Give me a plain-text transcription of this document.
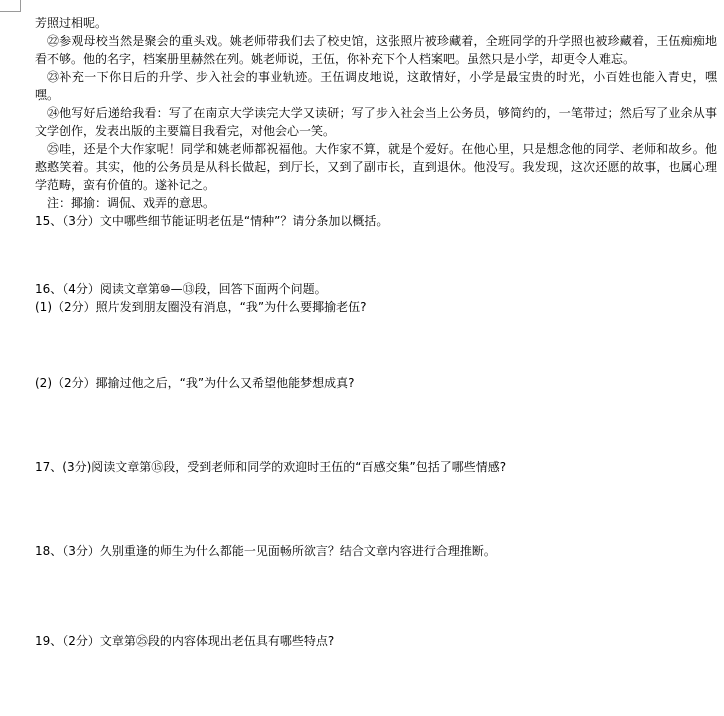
芳照过相呢。

㉒参观母校当然是聚会的重头戏。姚老师带我们去了校史馆，这张照片被珍藏着，全班同学的升学照也被珍藏着，王伍痴痴地看不够。他的名字，档案册里赫然在列。姚老师说，王伍，你补充下个人档案吧。虽然只是小学，却更令人难忘。

㉓补充一下你日后的升学、步入社会的事业轨迹。王伍调皮地说，这敢情好，小学是最宝贵的时光，小百姓也能入青史，嘿嘿。

㉔他写好后递给我看：写了在南京大学读完大学又读研；写了步入社会当上公务员，够简约的，一笔带过；然后写了业余从事文学创作，发表出版的主要篇目我看完，对他会心一笑。

㉕哇，还是个大作家呢！同学和姚老师都祝福他。大作家不算，就是个爱好。在他心里，只是想念他的同学、老师和故乡。他憨憨笑着。其实，他的公务员是从科长做起，到厅长，又到了副市长，直到退休。他没写。我发现，这次还愿的故事，也属心理学范畴，蛮有价值的。遂补记之。

注：揶揄：调侃、戏弄的意思。

15、（3分）文中哪些细节能证明老伍是“情种”？请分条加以概括。

16、（4分）阅读文章第⑩—⑬段，回答下面两个问题。

(1)（2分）照片发到朋友圈没有消息，“我”为什么要揶揄老伍?

(2)（2分）揶揄过他之后，“我”为什么又希望他能梦想成真?

17、(3分)阅读文章第⑮段，受到老师和同学的欢迎时王伍的“百感交集”包括了哪些情感?

18、（3分）久别重逢的师生为什么都能一见面畅所欲言？结合文章内容进行合理推断。

19、（2分）文章第㉕段的内容体现出老伍具有哪些特点?
